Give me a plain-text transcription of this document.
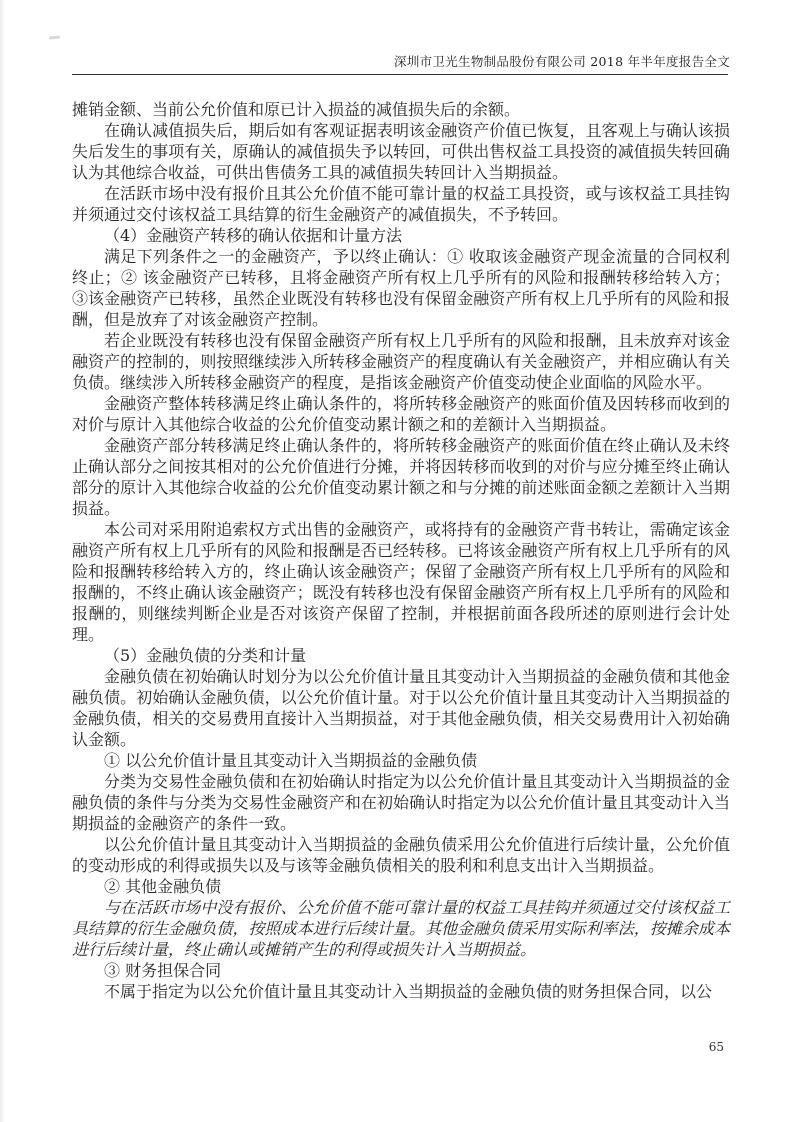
深圳市卫光生物制品股份有限公司 2018 年半年度报告全文

摊销金额、当前公允价值和原已计入损益的减值损失后的余额。

在确认减值损失后，期后如有客观证据表明该金融资产价值已恢复，且客观上与确认该损失后发生的事项有关，原确认的减值损失予以转回，可供出售权益工具投资的减值损失转回确认为其他综合收益，可供出售债务工具的减值损失转回计入当期损益。

在活跃市场中没有报价且其公允价值不能可靠计量的权益工具投资，或与该权益工具挂钩并须通过交付该权益工具结算的衍生金融资产的减值损失，不予转回。

（4）金融资产转移的确认依据和计量方法

满足下列条件之一的金融资产，予以终止确认：① 收取该金融资产现金流量的合同权利终止；② 该金融资产已转移，且将金融资产所有权上几乎所有的风险和报酬转移给转入方；③该金融资产已转移，虽然企业既没有转移也没有保留金融资产所有权上几乎所有的风险和报酬，但是放弃了对该金融资产控制。

若企业既没有转移也没有保留金融资产所有权上几乎所有的风险和报酬，且未放弃对该金融资产的控制的，则按照继续涉入所转移金融资产的程度确认有关金融资产，并相应确认有关负债。继续涉入所转移金融资产的程度，是指该金融资产价值变动使企业面临的风险水平。

金融资产整体转移满足终止确认条件的，将所转移金融资产的账面价值及因转移而收到的对价与原计入其他综合收益的公允价值变动累计额之和的差额计入当期损益。

金融资产部分转移满足终止确认条件的，将所转移金融资产的账面价值在终止确认及未终止确认部分之间按其相对的公允价值进行分摊，并将因转移而收到的对价与应分摊至终止确认部分的原计入其他综合收益的公允价值变动累计额之和与分摊的前述账面金额之差额计入当期损益。

本公司对采用附追索权方式出售的金融资产，或将持有的金融资产背书转让，需确定该金融资产所有权上几乎所有的风险和报酬是否已经转移。已将该金融资产所有权上几乎所有的风险和报酬转移给转入方的，终止确认该金融资产；保留了金融资产所有权上几乎所有的风险和报酬的，不终止确认该金融资产；既没有转移也没有保留金融资产所有权上几乎所有的风险和报酬的，则继续判断企业是否对该资产保留了控制，并根据前面各段所述的原则进行会计处理。

（5）金融负债的分类和计量

金融负债在初始确认时划分为以公允价值计量且其变动计入当期损益的金融负债和其他金融负债。初始确认金融负债，以公允价值计量。对于以公允价值计量且其变动计入当期损益的金融负债，相关的交易费用直接计入当期损益，对于其他金融负债，相关交易费用计入初始确认金额。

① 以公允价值计量且其变动计入当期损益的金融负债

分类为交易性金融负债和在初始确认时指定为以公允价值计量且其变动计入当期损益的金融负债的条件与分类为交易性金融资产和在初始确认时指定为以公允价值计量且其变动计入当期损益的金融资产的条件一致。

以公允价值计量且其变动计入当期损益的金融负债采用公允价值进行后续计量，公允价值的变动形成的利得或损失以及与该等金融负债相关的股利和利息支出计入当期损益。

② 其他金融负债

与在活跃市场中没有报价、公允价值不能可靠计量的权益工具挂钩并须通过交付该权益工具结算的衍生金融负债，按照成本进行后续计量。其他金融负债采用实际利率法，按摊余成本进行后续计量，终止确认或摊销产生的利得或损失计入当期损益。

③ 财务担保合同

不属于指定为以公允价值计量且其变动计入当期损益的金融负债的财务担保合同，以公

65
